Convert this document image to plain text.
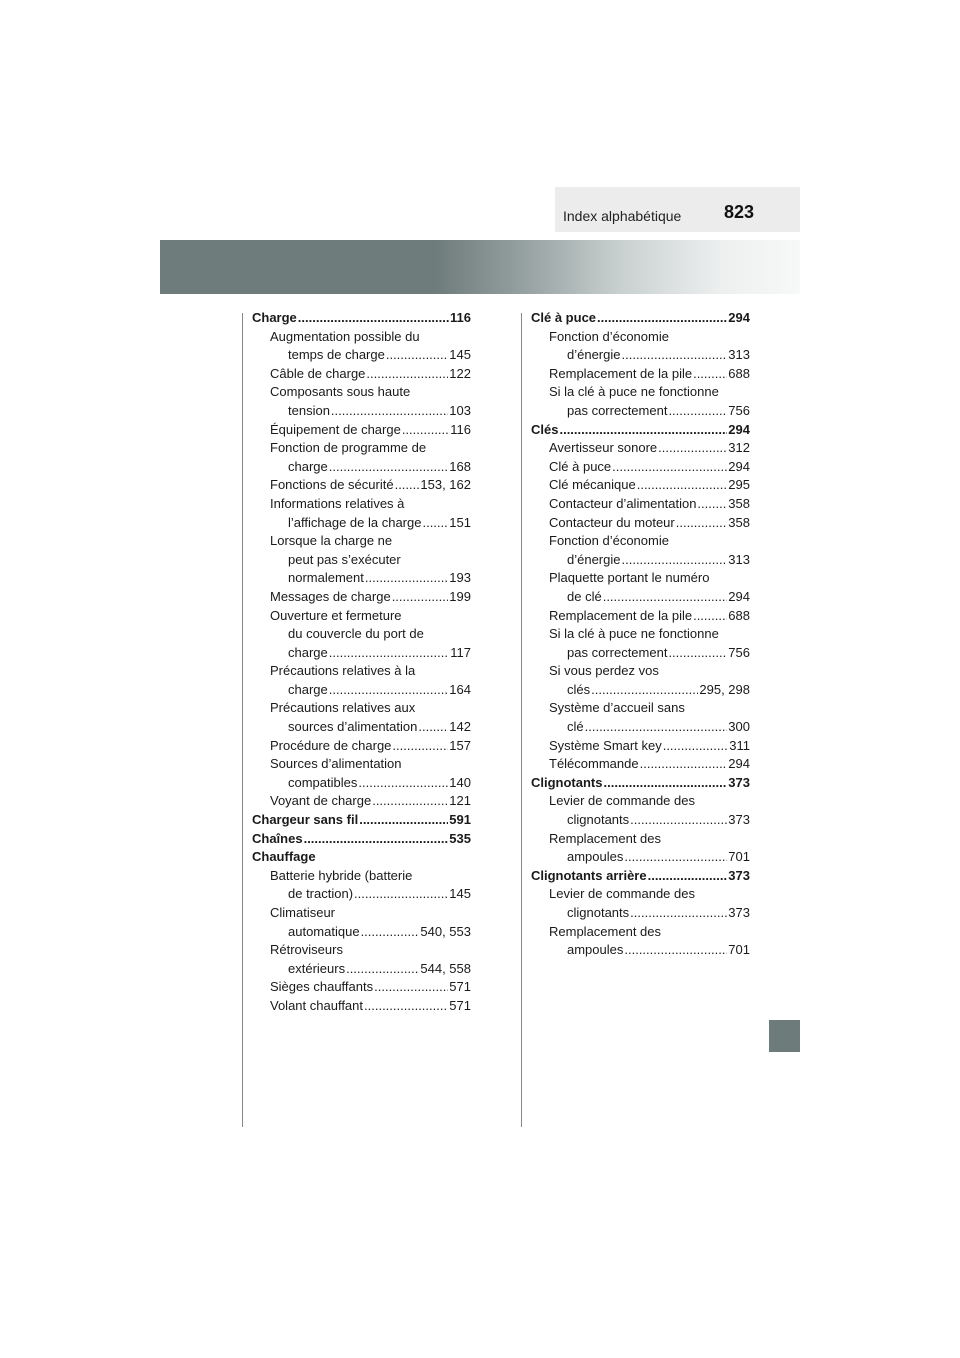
Index alphabétique 823
Charge .....	116
Augmentation possible du
temps de charge .....	145
Câble de charge .....	122
Composants sous haute
tension .....	103
Équipement de charge .....	116
Fonction de programme de
charge .....	168
Fonctions de sécurité ..... 153, 162
Informations relatives à
l’affichage de la charge ..... 151
Lorsque la charge ne
peut pas s’exécuter
normalement .....	193
Messages de charge .....	199
Ouverture et fermeture
du couvercle du port de
charge .....	117
Précautions relatives à la
charge .....	164
Précautions relatives aux
sources d’alimentation ..... 142
Procédure de charge .....	157
Sources d’alimentation
compatibles .....	140
Voyant de charge .....	121
Chargeur sans fil .....	591
Chaînes .....	535
Chauffage
Batterie hybride (batterie
de traction) .....	145
Climatiseur
automatique .....	540, 553
Rétroviseurs
extérieurs .....	544, 558
Sièges chauffants .....	571
Volant chauffant .....	571
Clé à puce .....	294
Fonction d’économie
d’énergie .....	313
Remplacement de la pile .....	688
Si la clé à puce ne fonctionne
pas correctement .....	756
Clés .....	294
Avertisseur sonore .....	312
Clé à puce .....	294
Clé mécanique .....	295
Contacteur d’alimentation ..... 358
Contacteur du moteur .....	358
Fonction d’économie
d’énergie .....	313
Plaquette portant le numéro
de clé .....	294
Remplacement de la pile .....	688
Si la clé à puce ne fonctionne
pas correctement .....	756
Si vous perdez vos
clés .....	295, 298
Système d’accueil sans
clé .....	300
Système Smart key .....	311
Télécommande .....	294
Clignotants .....	373
Levier de commande des
clignotants .....	373
Remplacement des
ampoules .....	701
Clignotants arrière .....	373
Levier de commande des
clignotants .....	373
Remplacement des
ampoules .....	701
